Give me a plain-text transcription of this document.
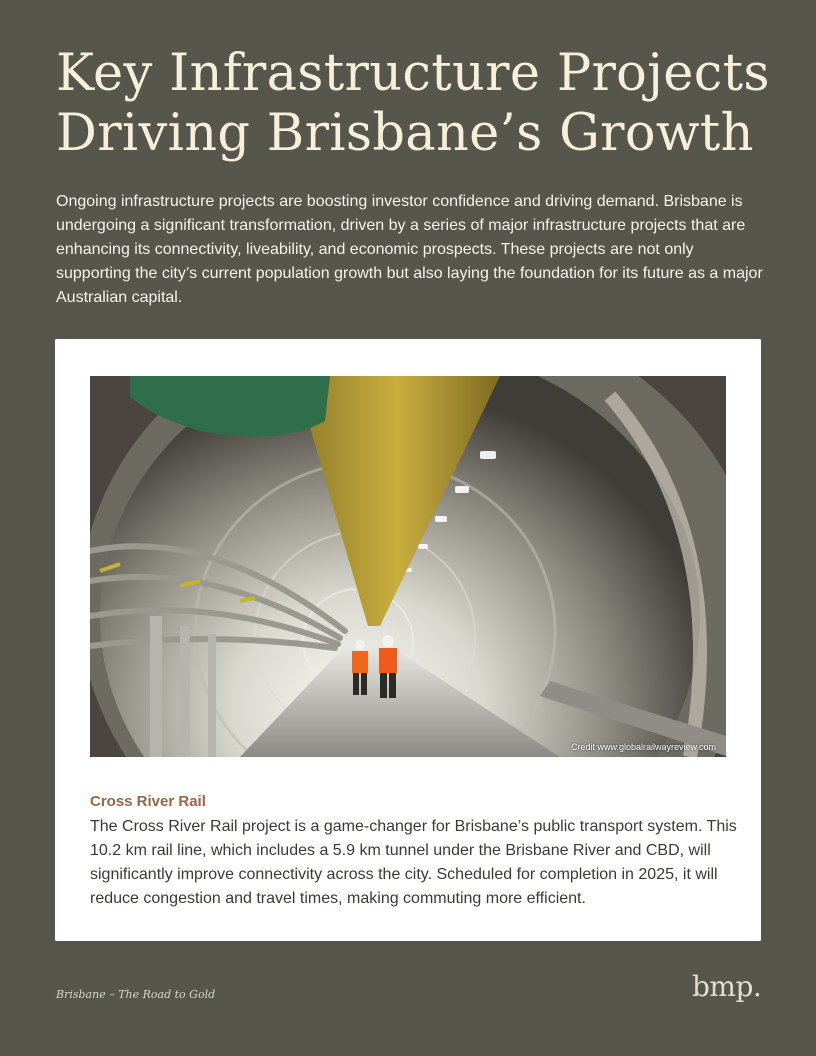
Key Infrastructure Projects
Driving Brisbane’s Growth

Ongoing infrastructure projects are boosting investor confidence and driving demand. Brisbane is undergoing a significant transformation, driven by a series of major infrastructure projects that are enhancing its connectivity, liveability, and economic prospects. These projects are not only supporting the city’s current population growth but also laying the foundation for its future as a major Australian capital.

Credit www.globalrailwayreview.com
Cross River Rail

The Cross River Rail project is a game-changer for Brisbane’s public transport system. This 10.2 km rail line, which includes a 5.9 km tunnel under the Brisbane River and CBD, will significantly improve connectivity across the city. Scheduled for completion in 2025, it will reduce congestion and travel times, making commuting more efficient.

Brisbane – The Road to Gold	bmp.
